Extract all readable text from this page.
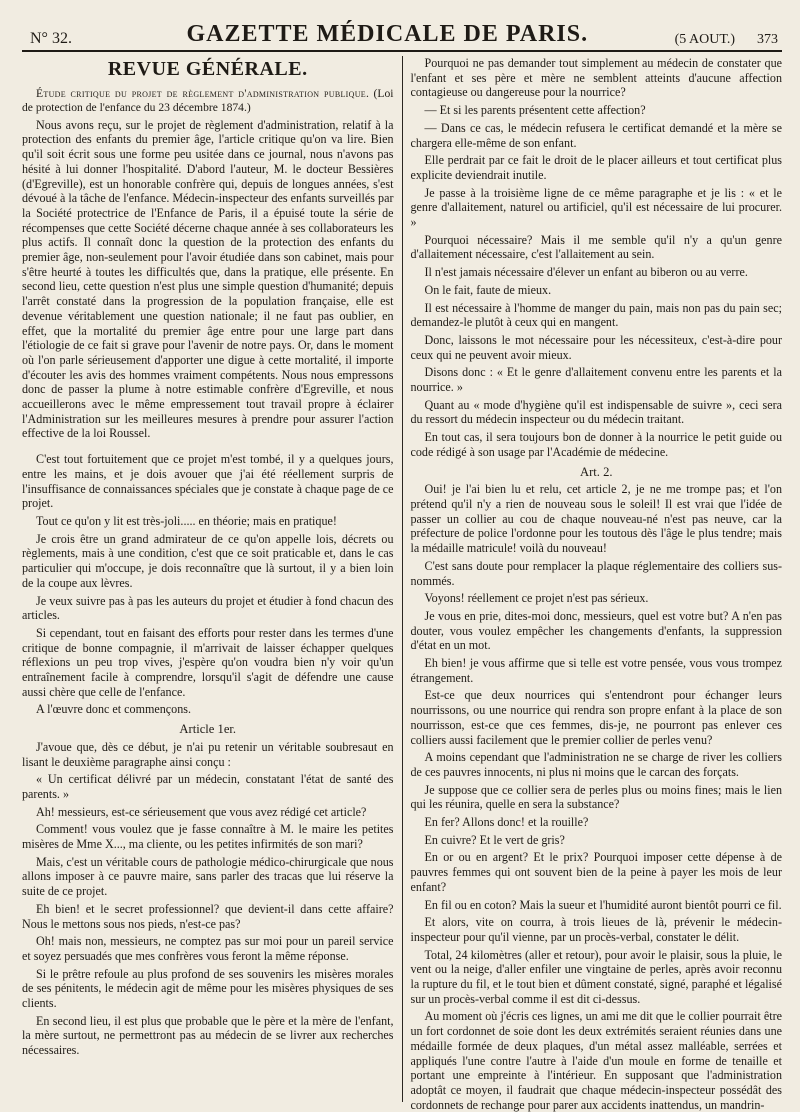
N° 32.	GAZETTE MÉDICALE DE PARIS.	(5 AOUT.) 373
REVUE GÉNÉRALE.

Étude critique du projet de règlement d'administration publique. (Loi de protection de l'enfance du 23 décembre 1874.)

Nous avons reçu, sur le projet de règlement d'administration, relatif à la protection des enfants du premier âge, l'article critique qu'on va lire. Bien qu'il soit écrit sous une forme peu usitée dans ce journal, nous n'avons pas hésité à lui donner l'hospitalité. D'abord l'auteur, M. le docteur Bessières (d'Egreville), est un honorable confrère qui, depuis de longues années, s'est dévoué à la tâche de l'enfance. Médecin-inspecteur des enfants surveillés par la Société protectrice de l'Enfance de Paris, il a épuisé toute la série de récompenses que cette Société décerne chaque année à ses collaborateurs les plus actifs. Il connaît donc la question de la protection des enfants du premier âge, non-seulement pour l'avoir étudiée dans son cabinet, mais pour s'être heurté à toutes les difficultés que, dans la pratique, elle présente. En second lieu, cette question n'est plus une simple question d'humanité; depuis l'arrêt constaté dans la progression de la population française, elle est devenue véritablement une question nationale; il ne faut pas oublier, en effet, que la mortalité du premier âge entre pour une large part dans l'étiologie de ce fait si grave pour l'avenir de notre pays. Or, dans le moment où l'on parle sérieusement d'apporter une digue à cette mortalité, il importe d'écouter les avis des hommes vraiment compétents. Nous nous empressons donc de passer la plume à notre estimable confrère d'Egreville, et nous accueillerons avec le même empressement tout travail propre à éclairer l'Administration sur les meilleures mesures à prendre pour assurer l'action effective de la loi Roussel.

C'est tout fortuitement que ce projet m'est tombé, il y a quelques jours, entre les mains, et je dois avouer que j'ai été réellement surpris de l'insuffisance de connaissances spéciales que je constate à chaque page de ce projet.

Tout ce qu'on y lit est très-joli..... en théorie; mais en pratique!

Je crois être un grand admirateur de ce qu'on appelle lois, décrets ou règlements, mais à une condition, c'est que ce soit praticable et, dans le cas particulier qui m'occupe, je dois reconnaître que là surtout, il y a bien loin de la coupe aux lèvres.

Je veux suivre pas à pas les auteurs du projet et étudier à fond chacun des articles.

Si cependant, tout en faisant des efforts pour rester dans les termes d'une critique de bonne compagnie, il m'arrivait de laisser échapper quelques réflexions un peu trop vives, j'espère qu'on voudra bien n'y voir qu'un entraînement facile à comprendre, lorsqu'il s'agit de défendre une cause aussi chère que celle de l'enfance.

A l'œuvre donc et commençons.

Article 1er.

J'avoue que, dès ce début, je n'ai pu retenir un véritable soubresaut en lisant le deuxième paragraphe ainsi conçu :

« Un certificat délivré par un médecin, constatant l'état de santé des parents. »

Ah! messieurs, est-ce sérieusement que vous avez rédigé cet article?

Comment! vous voulez que je fasse connaître à M. le maire les petites misères de Mme X..., ma cliente, ou les petites infirmités de son mari?

Mais, c'est un véritable cours de pathologie médico-chirurgicale que nous allons imposer à ce pauvre maire, sans parler des tracas que lui réserve la suite de ce projet.

Eh bien! et le secret professionnel? que devient-il dans cette affaire? Nous le mettons sous nos pieds, n'est-ce pas?

Oh! mais non, messieurs, ne comptez pas sur moi pour un pareil service et soyez persuadés que mes confrères vous feront la même réponse.

Si le prêtre refoule au plus profond de ses souvenirs les misères morales de ses pénitents, le médecin agit de même pour les misères physiques de ses clients.

En second lieu, il est plus que probable que le père et la mère de l'enfant, la mère surtout, ne permettront pas au médecin de se livrer aux recherches nécessaires.

Pourquoi ne pas demander tout simplement au médecin de constater que l'enfant et ses père et mère ne semblent atteints d'aucune affection contagieuse ou dangereuse pour la nourrice?

— Et si les parents présentent cette affection?

— Dans ce cas, le médecin refusera le certificat demandé et la mère se chargera elle-même de son enfant.

Elle perdrait par ce fait le droit de le placer ailleurs et tout certificat plus explicite deviendrait inutile.

Je passe à la troisième ligne de ce même paragraphe et je lis : « et le genre d'allaitement, naturel ou artificiel, qu'il est nécessaire de lui procurer. »

Pourquoi nécessaire? Mais il me semble qu'il n'y a qu'un genre d'allaitement nécessaire, c'est l'allaitement au sein.

Il n'est jamais nécessaire d'élever un enfant au biberon ou au verre.

On le fait, faute de mieux.

Il est nécessaire à l'homme de manger du pain, mais non pas du pain sec; demandez-le plutôt à ceux qui en mangent.

Donc, laissons le mot nécessaire pour les nécessiteux, c'est-à-dire pour ceux qui ne peuvent avoir mieux.

Disons donc : « Et le genre d'allaitement convenu entre les parents et la nourrice. »

Quant au « mode d'hygiène qu'il est indispensable de suivre », ceci sera du ressort du médecin inspecteur ou du médecin traitant.

En tout cas, il sera toujours bon de donner à la nourrice le petit guide ou code rédigé à son usage par l'Académie de médecine.

Art. 2.

Oui! je l'ai bien lu et relu, cet article 2, je ne me trompe pas; et l'on prétend qu'il n'y a rien de nouveau sous le soleil! Il est vrai que l'idée de passer un collier au cou de chaque nouveau-né n'est pas neuve, car la préfecture de police l'ordonne pour les toutous dès l'âge le plus tendre; mais la médaille matricule! voilà du nouveau!

C'est sans doute pour remplacer la plaque réglementaire des colliers sus-nommés.

Voyons! réellement ce projet n'est pas sérieux.

Je vous en prie, dites-moi donc, messieurs, quel est votre but? A n'en pas douter, vous voulez empêcher les changements d'enfants, la suppression d'état en un mot.

Eh bien! je vous affirme que si telle est votre pensée, vous vous trompez étrangement.

Est-ce que deux nourrices qui s'entendront pour échanger leurs nourrissons, ou une nourrice qui rendra son propre enfant à la place de son nourrisson, est-ce que ces femmes, dis-je, ne pourront pas enlever ces colliers aussi facilement que le premier collier de perles venu?

A moins cependant que l'administration ne se charge de river les colliers de ces pauvres innocents, ni plus ni moins que le carcan des forçats.

Je suppose que ce collier sera de perles plus ou moins fines; mais le lien qui les réunira, quelle en sera la substance?

En fer? Allons donc! et la rouille?

En cuivre? Et le vert de gris?

En or ou en argent? Et le prix? Pourquoi imposer cette dépense à de pauvres femmes qui ont souvent bien de la peine à payer les mois de leur enfant?

En fil ou en coton? Mais la sueur et l'humidité auront bientôt pourri ce fil.

Et alors, vite on courra, à trois lieues de là, prévenir le médecin-inspecteur pour qu'il vienne, par un procès-verbal, constater le délit.

Total, 24 kilomètres (aller et retour), pour avoir le plaisir, sous la pluie, le vent ou la neige, d'aller enfiler une vingtaine de perles, après avoir reconnu la rupture du fil, et le tout bien et dûment constaté, signé, paraphé et légalisé sur un procès-verbal comme il est dit ci-dessus.

Au moment où j'écris ces lignes, un ami me dit que le collier pourrait être un fort cordonnet de soie dont les deux extrémités seraient réunies dans une médaille formée de deux plaques, d'un métal assez malléable, serrées et appliqués l'une contre l'autre à l'aide d'un moule en forme de tenaille et portant une empreinte à l'intérieur. En supposant que l'administration adoptât ce moyen, il faudrait que chaque médecin-inspecteur possédât des cordonnets de rechange pour parer aux accidents inattendus, un mandrin-
